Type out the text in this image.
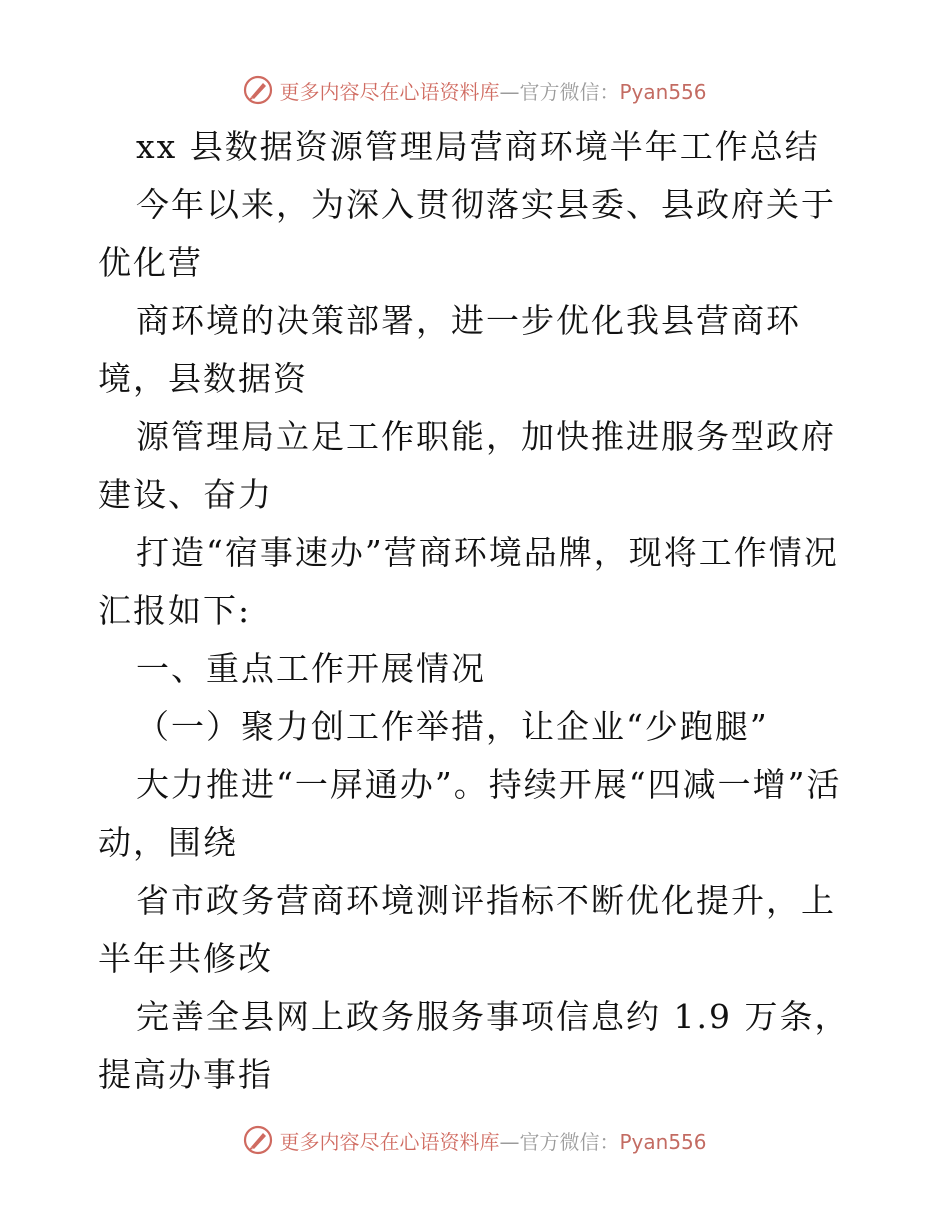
更多内容尽在心语资料库—官方微信：Pyan556

xx 县数据资源管理局营商环境半年工作总结

今年以来，为深入贯彻落实县委、县政府关于优化营

商环境的决策部署，进一步优化我县营商环境，县数据资

源管理局立足工作职能，加快推进服务型政府建设、奋力

打造“宿事速办”营商环境品牌，现将工作情况汇报如下:

一、重点工作开展情况

（一）聚力创工作举措，让企业“少跑腿”

大力推进“一屏通办”。持续开展“四减一增”活动，围绕

省市政务营商环境测评指标不断优化提升，上半年共修改

完善全县网上政务服务事项信息约 1.9 万条，提高办事指

更多内容尽在心语资料库—官方微信：Pyan556
